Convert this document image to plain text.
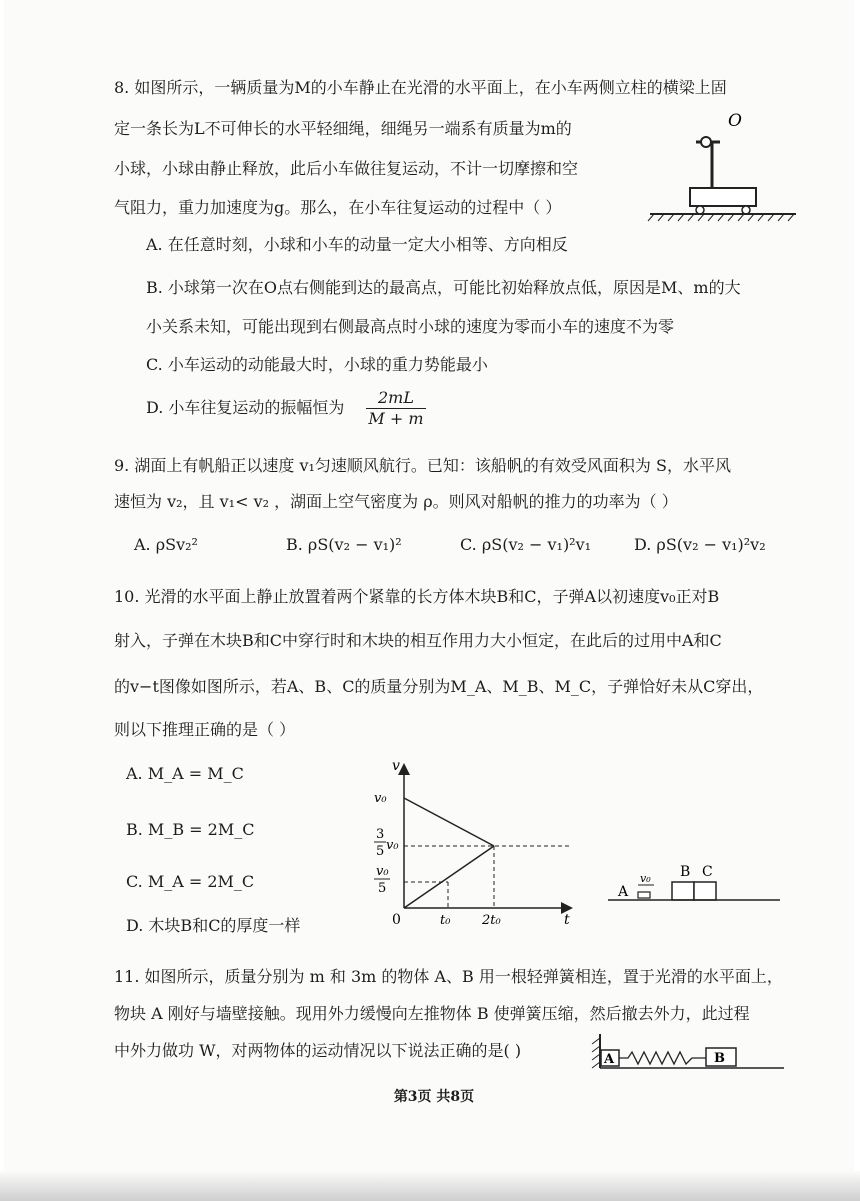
8. 如图所示，一辆质量为M的小车静止在光滑的水平面上，在小车两侧立柱的横梁上固
定一条长为L不可伸长的水平轻细绳，细绳另一端系有质量为m的
小球，小球由静止释放，此后小车做往复运动，不计一切摩擦和空
气阻力，重力加速度为g。那么，在小车往复运动的过程中（ ）
O
A. 在任意时刻，小球和小车的动量一定大小相等、方向相反
B. 小球第一次在O点右侧能到达的最高点，可能比初始释放点低，原因是M、m的大
小关系未知，可能出现到右侧最高点时小球的速度为零而小车的速度不为零
C. 小车运动的动能最大时，小球的重力势能最小
D. 小车往复运动的振幅恒为 $\frac{2mL}{M + m}$
9. 湖面上有帆船正以速度 v₁匀速顺风航行。已知：该船帆的有效受风面积为 S，水平风
速恒为 v₂，且 v₁< v₂ ，湖面上空气密度为 ρ。则风对船帆的推力的功率为（ ）
A. ρSv₂²	B. ρS(v₂ − v₁)²	C. ρS(v₂ − v₁)²v₁	D. ρS(v₂ − v₁)²v₂
10. 光滑的水平面上静止放置着两个紧靠的长方体木块B和C，子弹A以初速度v₀正对B
射入，子弹在木块B和C中穿行时和木块的相互作用力大小恒定，在此后的过用中A和C
的v−t图像如图所示，若A、B、C的质量分别为M_A、M_B、M_C，子弹恰好未从C穿出，
则以下推理正确的是（ ）
A. M_A = M_C
B. M_B = 2M_C
C. M_A = 2M_C
D. 木块B和C的厚度一样
v
t
0
v₀
3
5 v₀
v₀
5
t₀ 2t₀
B C
A
v₀
11. 如图所示，质量分别为 m 和 3m 的物体 A、B 用一根轻弹簧相连，置于光滑的水平面上，
物块 A 刚好与墙壁接触。现用外力缓慢向左推物体 B 使弹簧压缩，然后撤去外力，此过程
中外力做功 W，对两物体的运动情况以下说法正确的是( )	A	B
第3页 共8页
